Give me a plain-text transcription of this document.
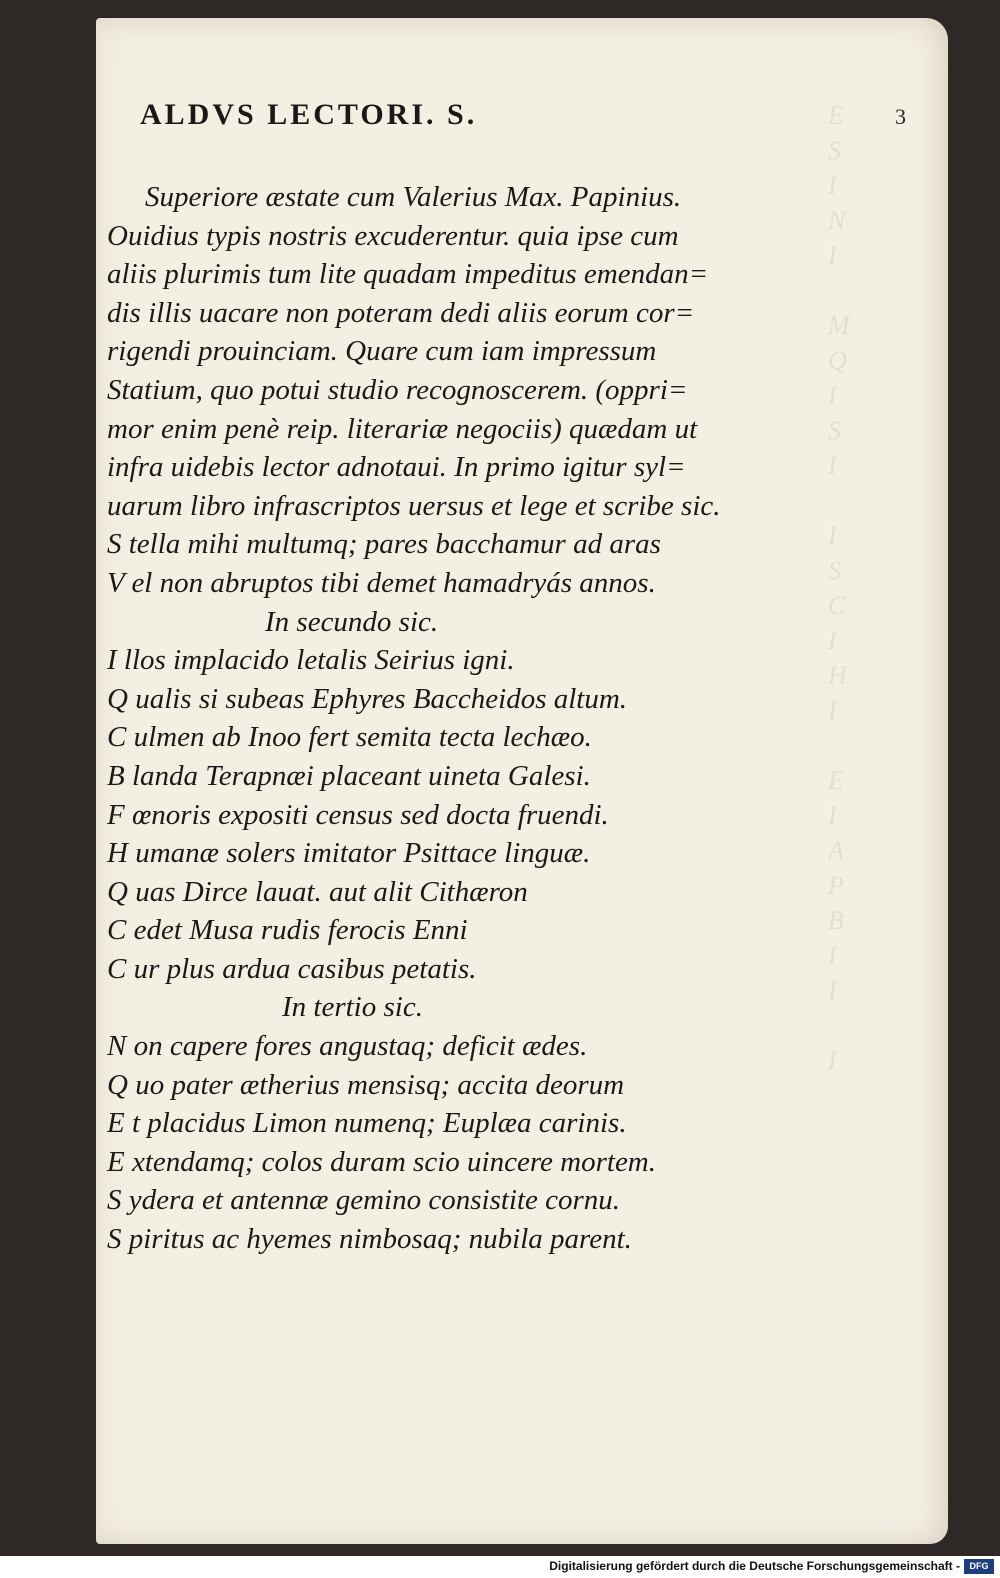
E
S
I
N
I

M
Q
I
S
I

I
S
C
I
H
I

E
I
A
P
B
I
I

I
3
ALDVS LECTORI. S.
Superiore æstate cum Valerius Max. Papinius.
Ouidius typis nostris excuderentur. quia ipse cum
aliis plurimis tum lite quadam impeditus emendan=
dis illis uacare non poteram dedi aliis eorum cor=
rigendi prouinciam. Quare cum iam impressum
Statium, quo potui studio recognoscerem. (oppri=
mor enim penè reip. literariæ negociis) quædam ut
infra uidebis lector adnotaui. In primo igitur syl=
uarum libro infrascriptos uersus et lege et scribe sic.
S tella mihi multumq; pares bacchamur ad aras
V el non abruptos tibi demet hamadryás annos.
In secundo sic.
I llos implacido letalis Seirius igni.
Q ualis si subeas Ephyres Baccheidos altum.
C ulmen ab Inoo fert semita tecta lechæo.
B landa Terapnæi placeant uineta Galesi.
F œnoris expositi census sed docta fruendi.
H umanæ solers imitator Psittace linguæ.
Q uas Dirce lauat. aut alit Cithæron
C edet Musa rudis ferocis Enni
C ur plus ardua casibus petatis.
In tertio sic.
N on capere fores angustaq; deficit ædes.
Q uo pater ætherius mensisq; accita deorum
E t placidus Limon numenq; Euplæa carinis.
E xtendamq; colos duram scio uincere mortem.
S ydera et antennæ gemino consistite cornu.
S piritus ac hyemes nimbosaq; nubila parent.
Digitalisierung gefördert durch die Deutsche Forschungsgemeinschaft -	DFG
